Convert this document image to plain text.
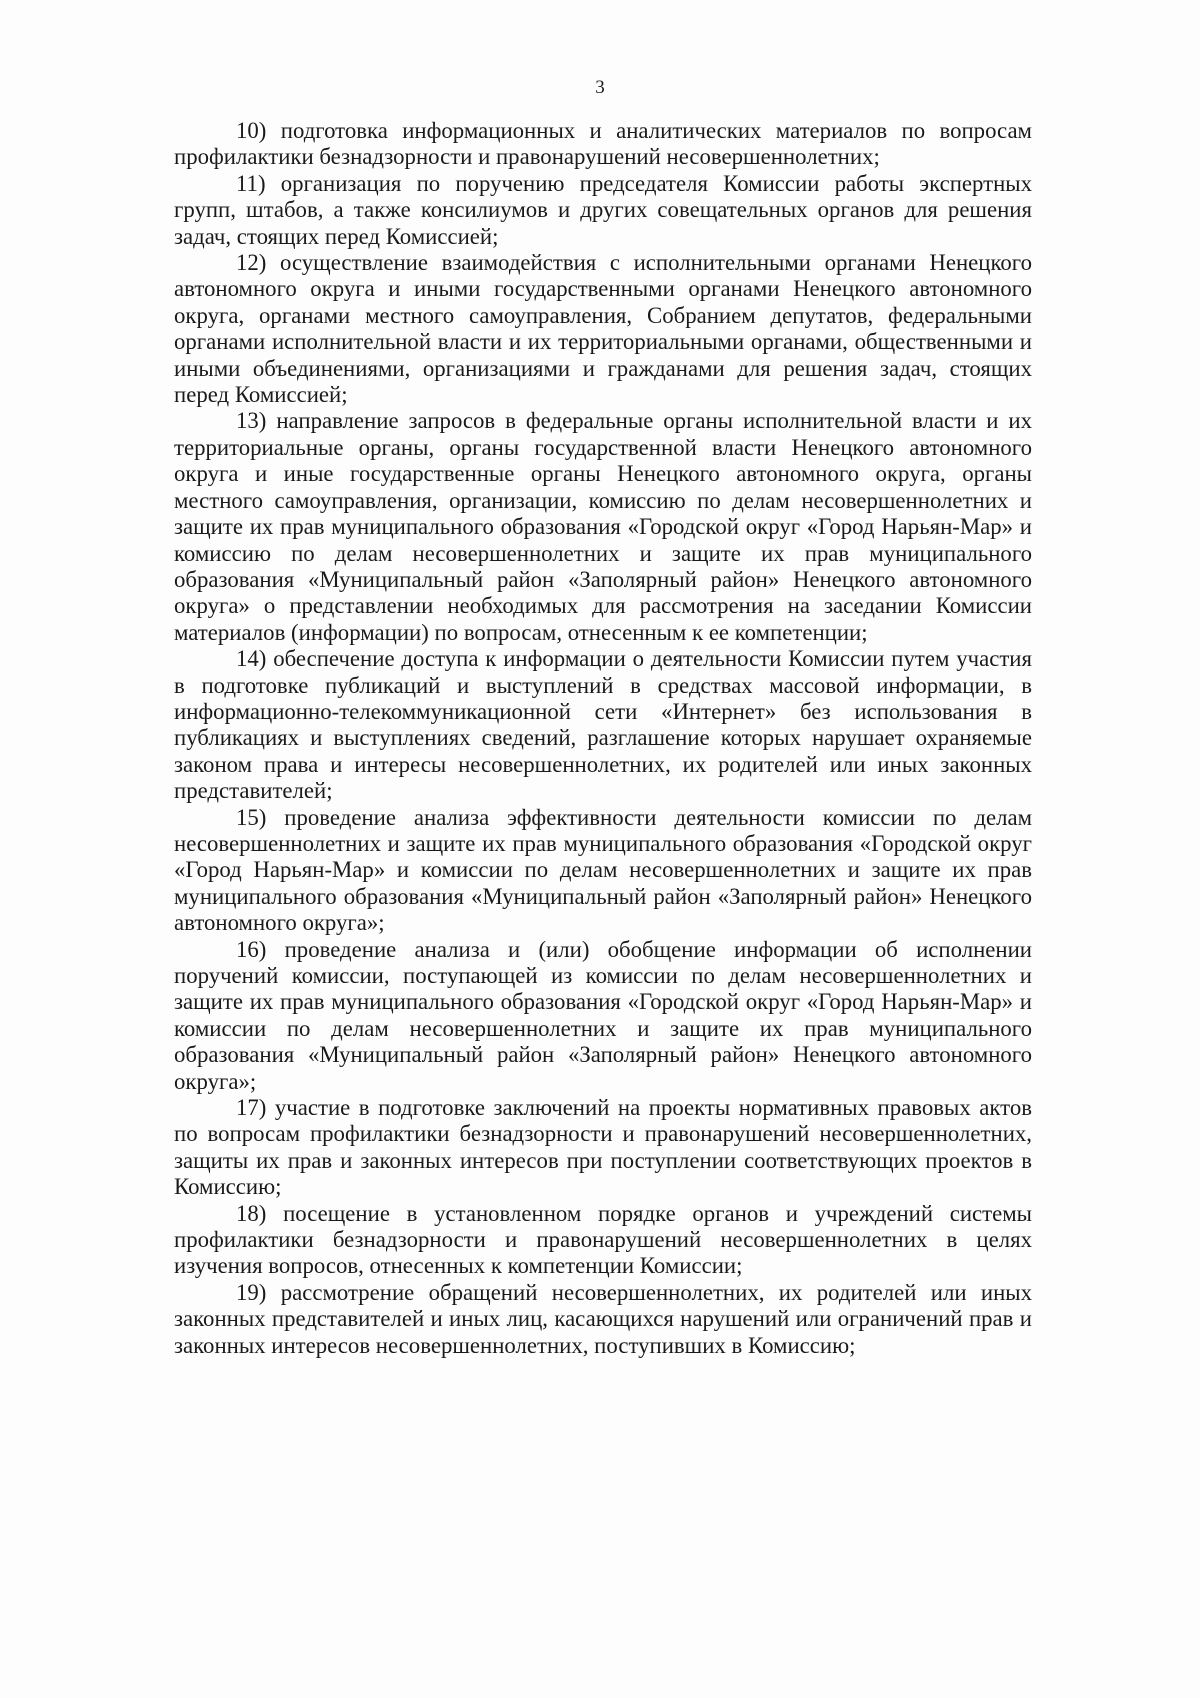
3

10) подготовка информационных и аналитических материалов по вопросам профилактики безнадзорности и правонарушений несовершеннолетних;

11) организация по поручению председателя Комиссии работы экспертных групп, штабов, а также консилиумов и других совещательных органов для решения задач, стоящих перед Комиссией;

12) осуществление взаимодействия с исполнительными органами Ненецкого автономного округа и иными государственными органами Ненецкого автономного округа, органами местного самоуправления, Собранием депутатов, федеральными органами исполнительной власти и их территориальными органами, общественными и иными объединениями, организациями и гражданами для решения задач, стоящих перед Комиссией;

13) направление запросов в федеральные органы исполнительной власти и их территориальные органы, органы государственной власти Ненецкого автономного округа и иные государственные органы Ненецкого автономного округа, органы местного самоуправления, организации, комиссию по делам несовершеннолетних и защите их прав муниципального образования «Городской округ «Город Нарьян-Мар» и комиссию по делам несовершеннолетних и защите их прав муниципального образования «Муниципальный район «Заполярный район» Ненецкого автономного округа» о представлении необходимых для рассмотрения на заседании Комиссии материалов (информации) по вопросам, отнесенным к ее компетенции;

14) обеспечение доступа к информации о деятельности Комиссии путем участия в подготовке публикаций и выступлений в средствах массовой информации, в информационно-телекоммуникационной сети «Интернет» без использования в публикациях и выступлениях сведений, разглашение которых нарушает охраняемые законом права и интересы несовершеннолетних, их родителей или иных законных представителей;

15) проведение анализа эффективности деятельности комиссии по делам несовершеннолетних и защите их прав муниципального образования «Городской округ «Город Нарьян-Мар» и комиссии по делам несовершеннолетних и защите их прав муниципального образования «Муниципальный район «Заполярный район» Ненецкого автономного округа»;

16) проведение анализа и (или) обобщение информации об исполнении поручений комиссии, поступающей из комиссии по делам несовершеннолетних и защите их прав муниципального образования «Городской округ «Город Нарьян-Мар» и комиссии по делам несовершеннолетних и защите их прав муниципального образования «Муниципальный район «Заполярный район» Ненецкого автономного округа»;

17) участие в подготовке заключений на проекты нормативных правовых актов по вопросам профилактики безнадзорности и правонарушений несовершеннолетних, защиты их прав и законных интересов при поступлении соответствующих проектов в Комиссию;

18) посещение в установленном порядке органов и учреждений системы профилактики безнадзорности и правонарушений несовершеннолетних в целях изучения вопросов, отнесенных к компетенции Комиссии;

19) рассмотрение обращений несовершеннолетних, их родителей или иных законных представителей и иных лиц, касающихся нарушений или ограничений прав и законных интересов несовершеннолетних, поступивших в Комиссию;
